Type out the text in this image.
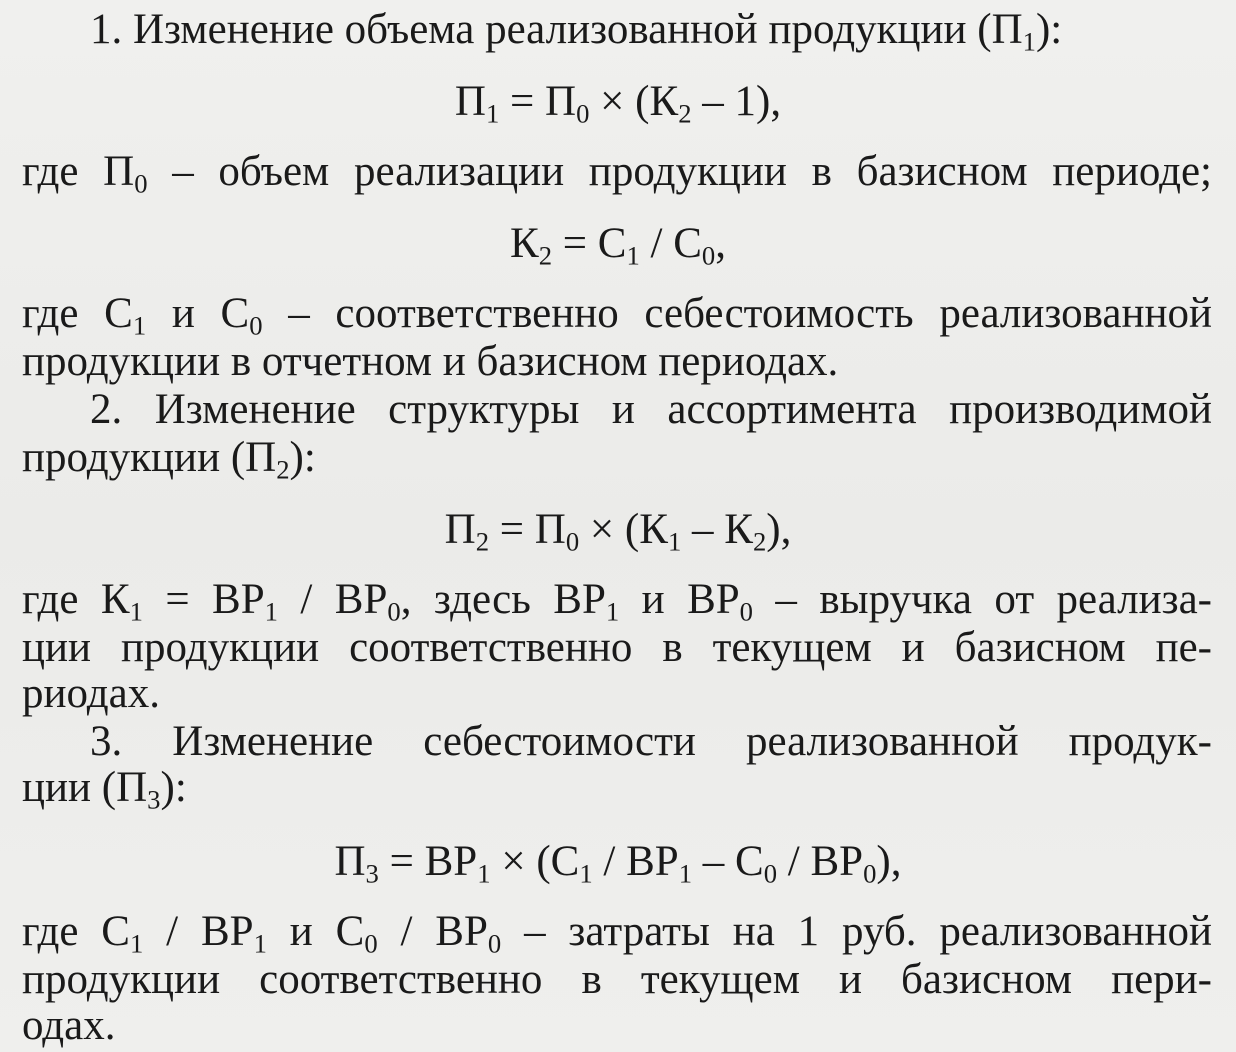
1. Изменение объема реализованной продукции $(П_1)$:
$П_1 = П_0 \times (К_2 - 1)$,
где $П_0$ – объем реализации продукции в базисном периоде;
$К_2 = С_1 / С_0$,
где $С_1$ и $С_0$ – соответственно себестоимость реализованной
продукции в отчетном и базисном периодах.
2. Изменение структуры и ассортимента производимой
продукции $(П_2)$:
$П_2 = П_0 \times (К_1 - К_2)$,
где $К_1 = ВР_1 / ВР_0$, здесь $ВР_1$ и $ВР_0$ – выручка от реализа-
ции продукции соответственно в текущем и базисном пе-
риодах.
3. Изменение себестоимости реализованной продук-
ции $(П_3)$:
$П_3 = ВР_1 \times (С_1 / ВР_1 - С_0 / ВР_0)$,
где $С_1 / ВР_1$ и $С_0 / ВР_0$ – затраты на 1 руб. реализованной
продукции соответственно в текущем и базисном пери-
одах.
